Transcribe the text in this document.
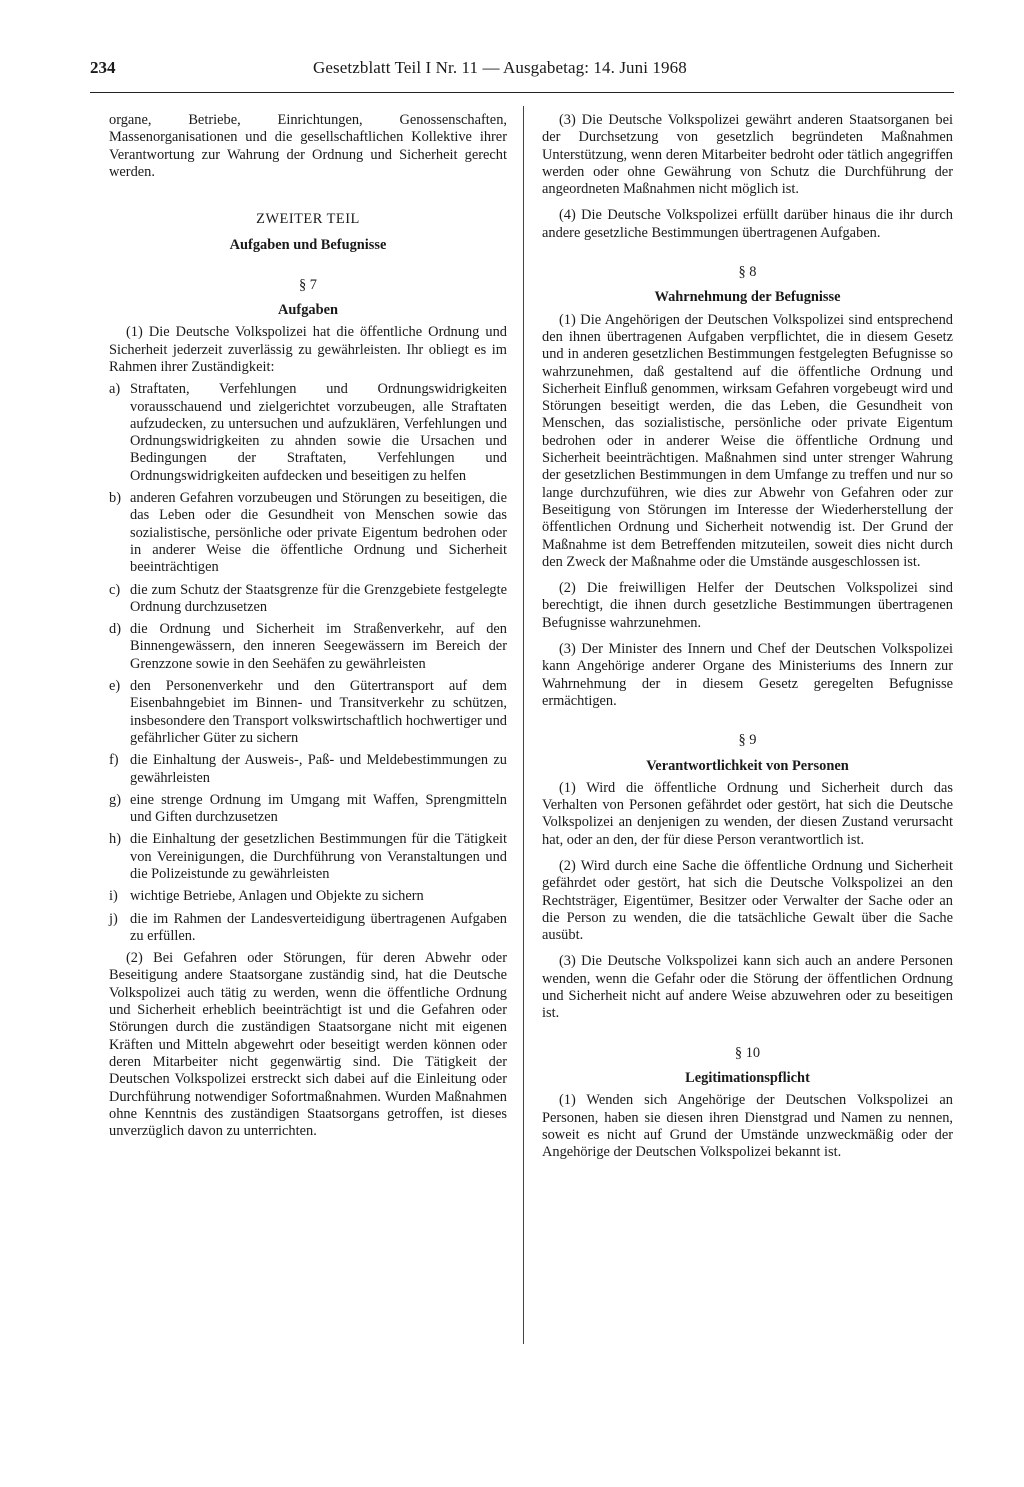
234	Gesetzblatt Teil I Nr. 11 — Ausgabetag: 14. Juni 1968

organe, Betriebe, Einrichtungen, Genossenschaften, Massenorganisationen und die gesellschaftlichen Kollektive ihrer Verantwortung zur Wahrung der Ordnung und Sicherheit gerecht werden.

ZWEITER TEIL
Aufgaben und Befugnisse
§ 7
Aufgaben

(1) Die Deutsche Volkspolizei hat die öffentliche Ordnung und Sicherheit jederzeit zuverlässig zu gewährleisten. Ihr obliegt es im Rahmen ihrer Zuständigkeit:

a) Straftaten, Verfehlungen und Ordnungswidrigkeiten vorausschauend und zielgerichtet vorzubeugen, alle Straftaten aufzudecken, zu untersuchen und aufzuklären, Verfehlungen und Ordnungswidrigkeiten zu ahnden sowie die Ursachen und Bedingungen der Straftaten, Verfehlungen und Ordnungswidrigkeiten aufdecken und beseitigen zu helfen
b) anderen Gefahren vorzubeugen und Störungen zu beseitigen, die das Leben oder die Gesundheit von Menschen sowie das sozialistische, persönliche oder private Eigentum bedrohen oder in anderer Weise die öffentliche Ordnung und Sicherheit beeinträchtigen
c) die zum Schutz der Staatsgrenze für die Grenzgebiete festgelegte Ordnung durchzusetzen
d) die Ordnung und Sicherheit im Straßenverkehr, auf den Binnengewässern, den inneren Seegewässern im Bereich der Grenzzone sowie in den Seehäfen zu gewährleisten
e) den Personenverkehr und den Gütertransport auf dem Eisenbahngebiet im Binnen- und Transitverkehr zu schützen, insbesondere den Transport volkswirtschaftlich hochwertiger und gefährlicher Güter zu sichern
f) die Einhaltung der Ausweis-, Paß- und Meldebestimmungen zu gewährleisten
g) eine strenge Ordnung im Umgang mit Waffen, Sprengmitteln und Giften durchzusetzen
h) die Einhaltung der gesetzlichen Bestimmungen für die Tätigkeit von Vereinigungen, die Durchführung von Veranstaltungen und die Polizeistunde zu gewährleisten
i) wichtige Betriebe, Anlagen und Objekte zu sichern
j) die im Rahmen der Landesverteidigung übertragenen Aufgaben zu erfüllen.

(2) Bei Gefahren oder Störungen, für deren Abwehr oder Beseitigung andere Staatsorgane zuständig sind, hat die Deutsche Volkspolizei auch tätig zu werden, wenn die öffentliche Ordnung und Sicherheit erheblich beeinträchtigt ist und die Gefahren oder Störungen durch die zuständigen Staatsorgane nicht mit eigenen Kräften und Mitteln abgewehrt oder beseitigt werden können oder deren Mitarbeiter nicht gegenwärtig sind. Die Tätigkeit der Deutschen Volkspolizei erstreckt sich dabei auf die Einleitung oder Durchführung notwendiger Sofortmaßnahmen. Wurden Maßnahmen ohne Kenntnis des zuständigen Staatsorgans getroffen, ist dieses unverzüglich davon zu unterrichten.

(3) Die Deutsche Volkspolizei gewährt anderen Staatsorganen bei der Durchsetzung von gesetzlich begründeten Maßnahmen Unterstützung, wenn deren Mitarbeiter bedroht oder tätlich angegriffen werden oder ohne Gewährung von Schutz die Durchführung der angeordneten Maßnahmen nicht möglich ist.

(4) Die Deutsche Volkspolizei erfüllt darüber hinaus die ihr durch andere gesetzliche Bestimmungen übertragenen Aufgaben.

§ 8
Wahrnehmung der Befugnisse

(1) Die Angehörigen der Deutschen Volkspolizei sind entsprechend den ihnen übertragenen Aufgaben verpflichtet, die in diesem Gesetz und in anderen gesetzlichen Bestimmungen festgelegten Befugnisse so wahrzunehmen, daß gestaltend auf die öffentliche Ordnung und Sicherheit Einfluß genommen, wirksam Gefahren vorgebeugt wird und Störungen beseitigt werden, die das Leben, die Gesundheit von Menschen, das sozialistische, persönliche oder private Eigentum bedrohen oder in anderer Weise die öffentliche Ordnung und Sicherheit beeinträchtigen. Maßnahmen sind unter strenger Wahrung der gesetzlichen Bestimmungen in dem Umfange zu treffen und nur so lange durchzuführen, wie dies zur Abwehr von Gefahren oder zur Beseitigung von Störungen im Interesse der Wiederherstellung der öffentlichen Ordnung und Sicherheit notwendig ist. Der Grund der Maßnahme ist dem Betreffenden mitzuteilen, soweit dies nicht durch den Zweck der Maßnahme oder die Umstände ausgeschlossen ist.

(2) Die freiwilligen Helfer der Deutschen Volkspolizei sind berechtigt, die ihnen durch gesetzliche Bestimmungen übertragenen Befugnisse wahrzunehmen.

(3) Der Minister des Innern und Chef der Deutschen Volkspolizei kann Angehörige anderer Organe des Ministeriums des Innern zur Wahrnehmung der in diesem Gesetz geregelten Befugnisse ermächtigen.

§ 9
Verantwortlichkeit von Personen

(1) Wird die öffentliche Ordnung und Sicherheit durch das Verhalten von Personen gefährdet oder gestört, hat sich die Deutsche Volkspolizei an denjenigen zu wenden, der diesen Zustand verursacht hat, oder an den, der für diese Person verantwortlich ist.

(2) Wird durch eine Sache die öffentliche Ordnung und Sicherheit gefährdet oder gestört, hat sich die Deutsche Volkspolizei an den Rechtsträger, Eigentümer, Besitzer oder Verwalter der Sache oder an die Person zu wenden, die die tatsächliche Gewalt über die Sache ausübt.

(3) Die Deutsche Volkspolizei kann sich auch an andere Personen wenden, wenn die Gefahr oder die Störung der öffentlichen Ordnung und Sicherheit nicht auf andere Weise abzuwehren oder zu beseitigen ist.

§ 10
Legitimationspflicht

(1) Wenden sich Angehörige der Deutschen Volkspolizei an Personen, haben sie diesen ihren Dienstgrad und Namen zu nennen, soweit es nicht auf Grund der Umstände unzweckmäßig oder der Angehörige der Deutschen Volkspolizei bekannt ist.
